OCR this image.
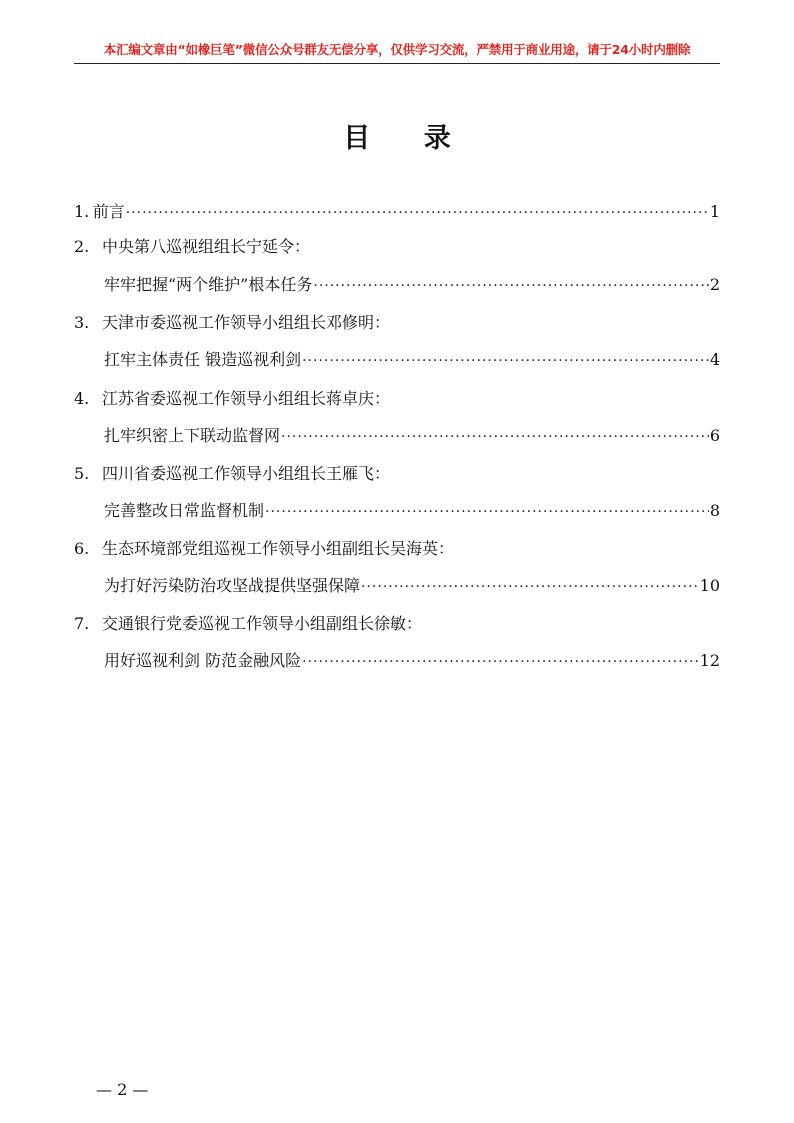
本汇编文章由“如橡巨笔”微信公众号群友无偿分享，仅供学习交流，严禁用于商业用途，请于24小时内删除
目 录
1. 前言 ·····	1
2. 中央第八巡视组组长宁延令：
牢牢把握“两个维护”根本任务 ·····	2
3. 天津市委巡视工作领导小组组长邓修明：
扛牢主体责任 锻造巡视利剑 ·····	4
4. 江苏省委巡视工作领导小组组长蒋卓庆：
扎牢织密上下联动监督网 ·····	6
5. 四川省委巡视工作领导小组组长王雁飞：
完善整改日常监督机制 ·····	8
6. 生态环境部党组巡视工作领导小组副组长吴海英：
为打好污染防治攻坚战提供坚强保障 ·····	10
7. 交通银行党委巡视工作领导小组副组长徐敏：
用好巡视利剑 防范金融风险 ·····	12
— 2 —
